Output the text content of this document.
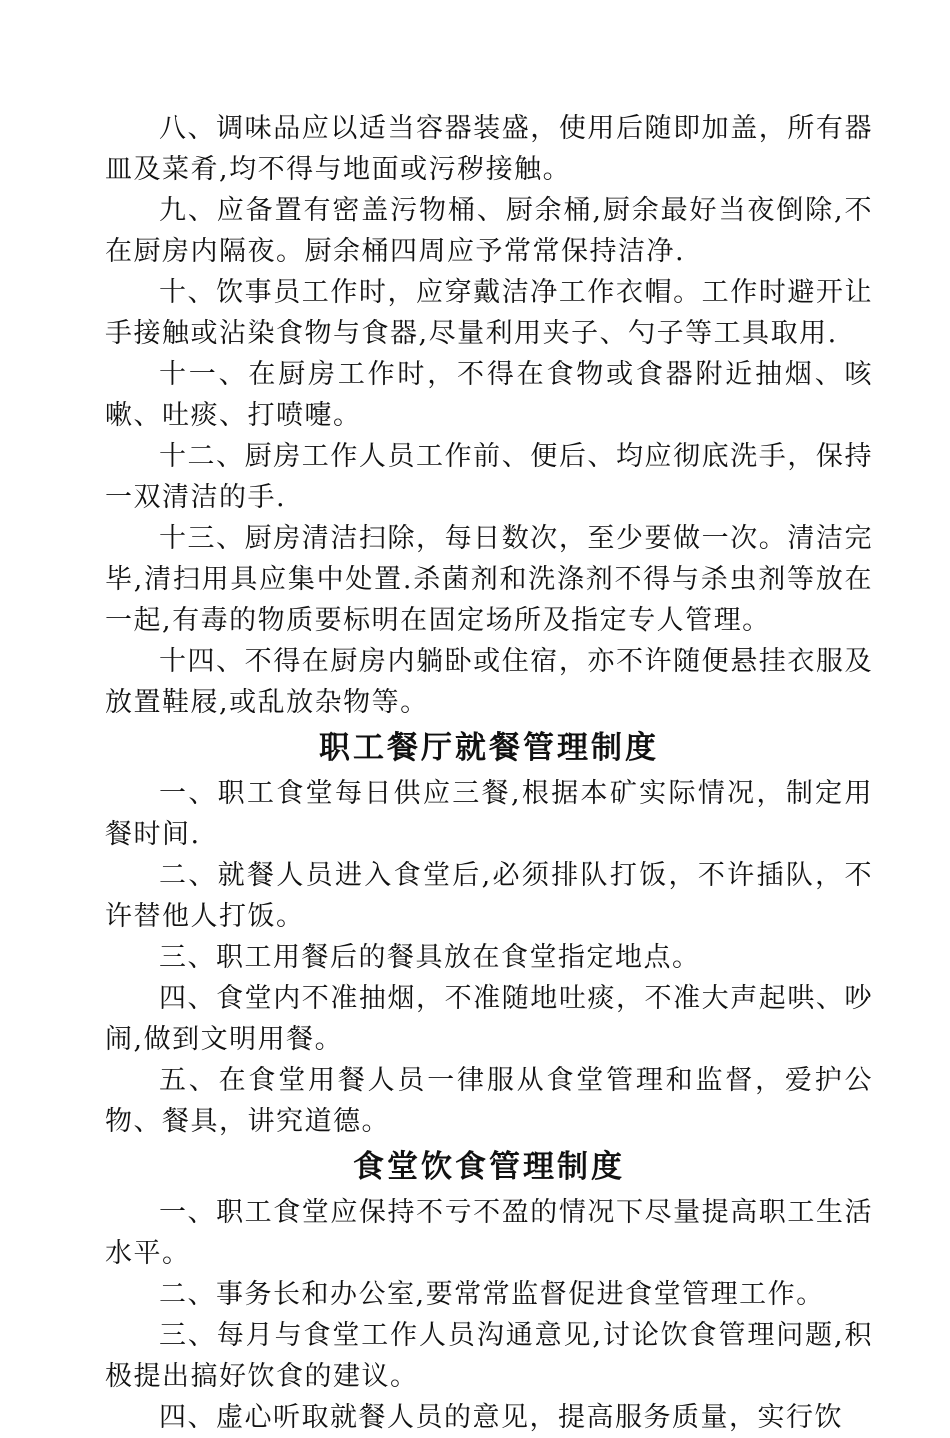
八、调味品应以适当容器装盛，使用后随即加盖，所有器皿及菜肴,均不得与地面或污秽接触。

九、应备置有密盖污物桶、厨余桶,厨余最好当夜倒除,不在厨房内隔夜。厨余桶四周应予常常保持洁净.

十、饮事员工作时，应穿戴洁净工作衣帽。工作时避开让手接触或沾染食物与食器,尽量利用夹子、勺子等工具取用.

十一、在厨房工作时，不得在食物或食器附近抽烟、咳嗽、吐痰、打喷嚏。

十二、厨房工作人员工作前、便后、均应彻底洗手，保持一双清洁的手.

十三、厨房清洁扫除，每日数次，至少要做一次。清洁完毕,清扫用具应集中处置.杀菌剂和洗涤剂不得与杀虫剂等放在一起,有毒的物质要标明在固定场所及指定专人管理。

十四、不得在厨房内躺卧或住宿，亦不许随便悬挂衣服及放置鞋屐,或乱放杂物等。

职工餐厅就餐管理制度

一、职工食堂每日供应三餐,根据本矿实际情况，制定用餐时间.

二、就餐人员进入食堂后,必须排队打饭，不许插队，不许替他人打饭。

三、职工用餐后的餐具放在食堂指定地点。

四、食堂内不准抽烟，不准随地吐痰，不准大声起哄、吵闹,做到文明用餐。

五、在食堂用餐人员一律服从食堂管理和监督，爱护公物、餐具，讲究道德。

食堂饮食管理制度

一、职工食堂应保持不亏不盈的情况下尽量提高职工生活水平。

二、事务长和办公室,要常常监督促进食堂管理工作。

三、每月与食堂工作人员沟通意见,讨论饮食管理问题,积极提出搞好饮食的建议。

四、虚心听取就餐人员的意见，提高服务质量，实行饮
